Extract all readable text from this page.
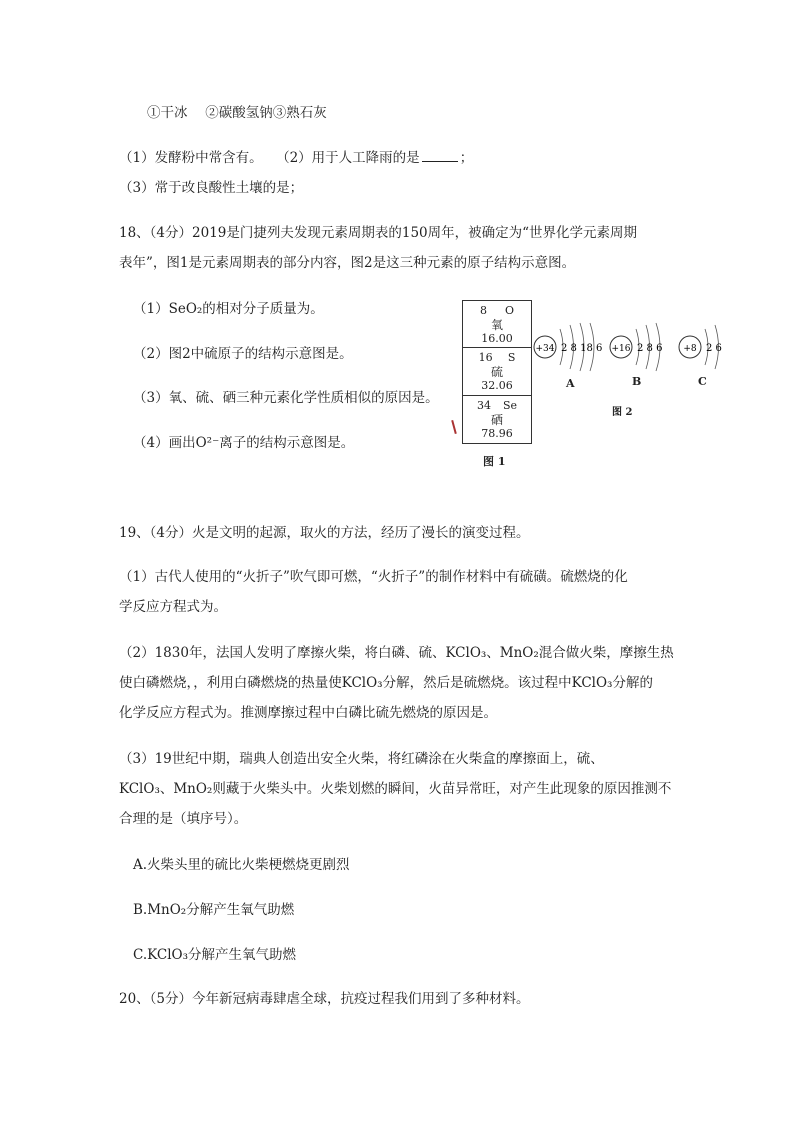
①干冰　 ②碳酸氢钠③熟石灰
（1）发酵粉中常含有。　　（2）用于人工降雨的是	；
（3）常于改良酸性土壤的是；
18、（4分）2019是门捷列夫发现元素周期表的150周年，被确定为“世界化学元素周期
表年”，图1是元素周期表的部分内容，图2是这三种元素的原子结构示意图。
（1）SeO₂的相对分子质量为。
（2）图2中硫原子的结构示意图是。
（3）氧、硫、硒三种元素化学性质相似的原因是。
（4）画出O²⁻离子的结构示意图是。
8 O
氧
16.00
16 S
硫
32.06
34 Se
硒
78.96
图 1
+34 2 8 18 6 +16 2 8 6 +8 2 6
A	B	C
图 2
19、（4分）火是文明的起源，取火的方法，经历了漫长的演变过程。
（1）古代人使用的“火折子”吹气即可燃，“火折子”的制作材料中有硫磺。硫燃烧的化
学反应方程式为。
（2）1830年，法国人发明了摩擦火柴，将白磷、硫、KClO₃、MnO₂混合做火柴，摩擦生热
使白磷燃烧，，利用白磷燃烧的热量使KClO₃分解，然后是硫燃烧。该过程中KClO₃分解的
化学反应方程式为。推测摩擦过程中白磷比硫先燃烧的原因是。
（3）19世纪中期，瑞典人创造出安全火柴，将红磷涂在火柴盒的摩擦面上，硫、
KClO₃、MnO₂则藏于火柴头中。火柴划燃的瞬间，火苗异常旺，对产生此现象的原因推测不
合理的是（填序号）。
A.火柴头里的硫比火柴梗燃烧更剧烈
B.MnO₂分解产生氧气助燃
C.KClO₃分解产生氧气助燃
20、（5分）今年新冠病毒肆虐全球，抗疫过程我们用到了多种材料。
